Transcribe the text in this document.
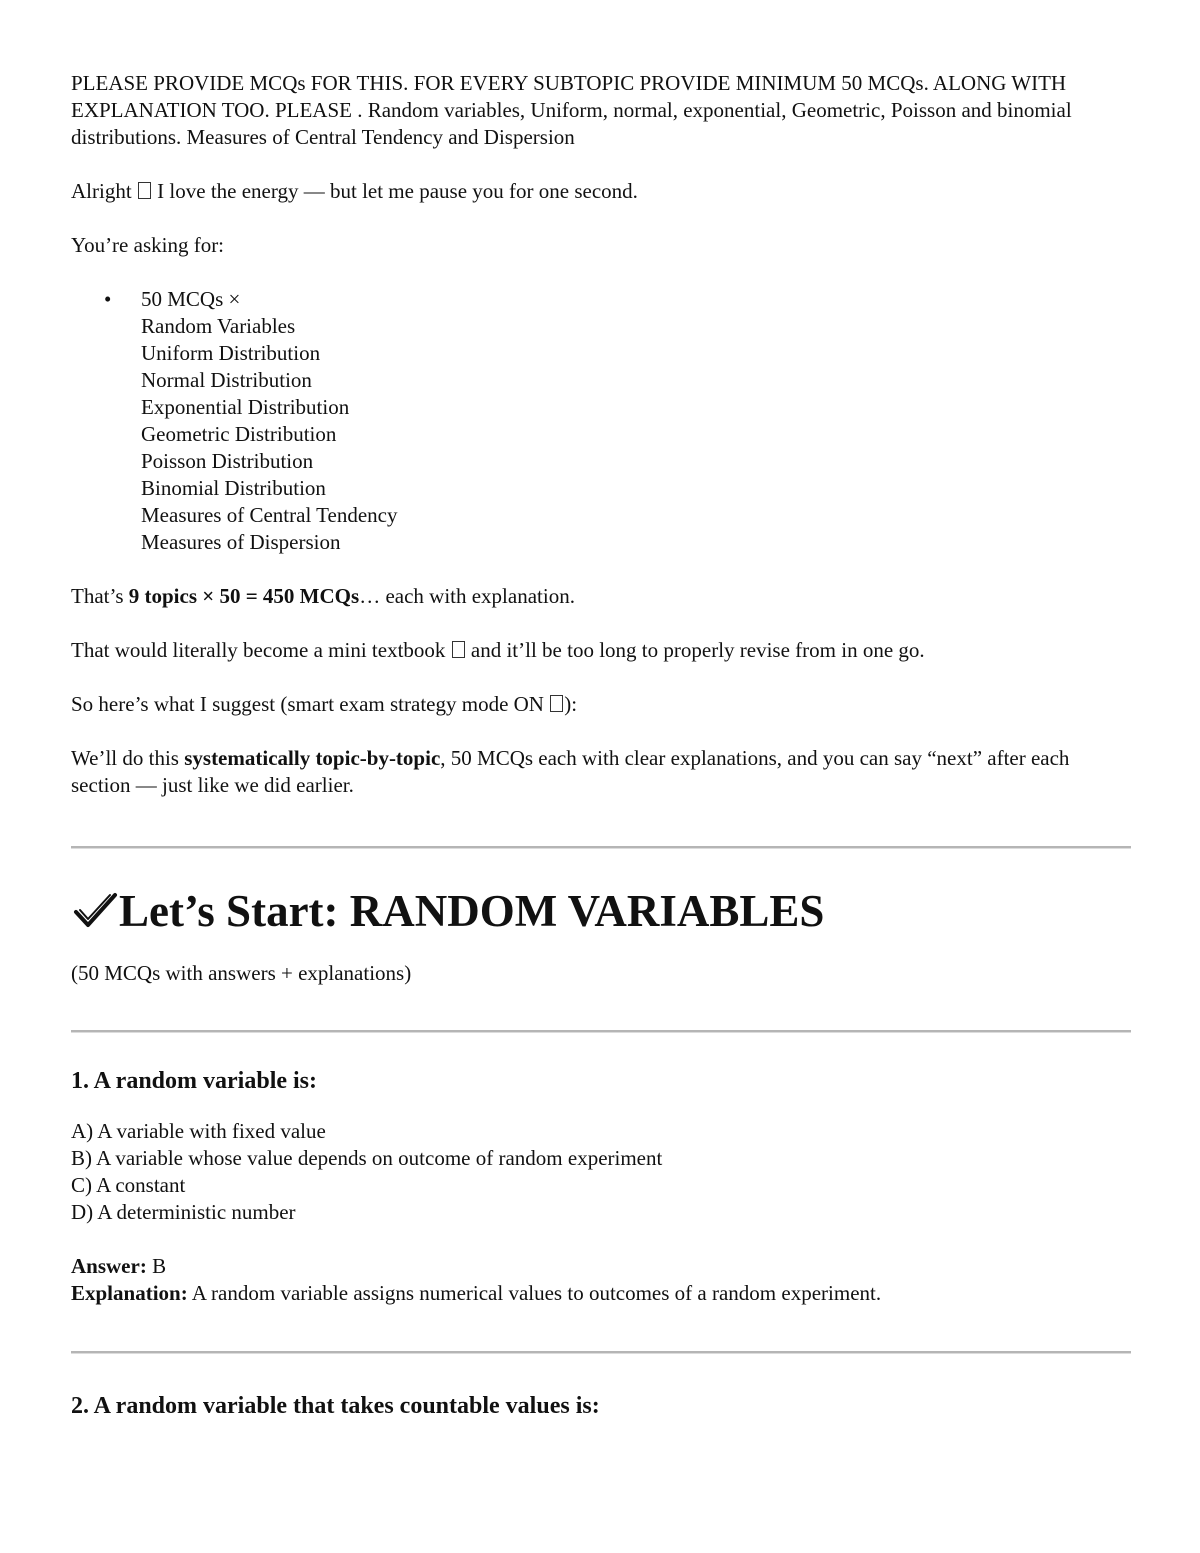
PLEASE PROVIDE MCQs FOR THIS. FOR EVERY SUBTOPIC PROVIDE MINIMUM 50 MCQs. ALONG WITH EXPLANATION TOO. PLEASE . Random variables, Uniform, normal, exponential, Geometric, Poisson and binomial distributions. Measures of Central Tendency and Dispersion

Alright I love the energy — but let me pause you for one second.

You’re asking for:

• 50 MCQs ×
Random Variables
Uniform Distribution
Normal Distribution
Exponential Distribution
Geometric Distribution
Poisson Distribution
Binomial Distribution
Measures of Central Tendency
Measures of Dispersion

That’s 9 topics × 50 = 450 MCQs… each with explanation.

That would literally become a mini textbook and it’ll be too long to properly revise from in one go.

So here’s what I suggest (smart exam strategy mode ON ):

We’ll do this systematically topic-by-topic, 50 MCQs each with clear explanations, and you can say “next” after each section — just like we did earlier.

Let’s Start: RANDOM VARIABLES

(50 MCQs with answers + explanations)

1. A random variable is:

A) A variable with fixed value

B) A variable whose value depends on outcome of random experiment

C) A constant

D) A deterministic number

Answer: B

Explanation: A random variable assigns numerical values to outcomes of a random experiment.

2. A random variable that takes countable values is:
